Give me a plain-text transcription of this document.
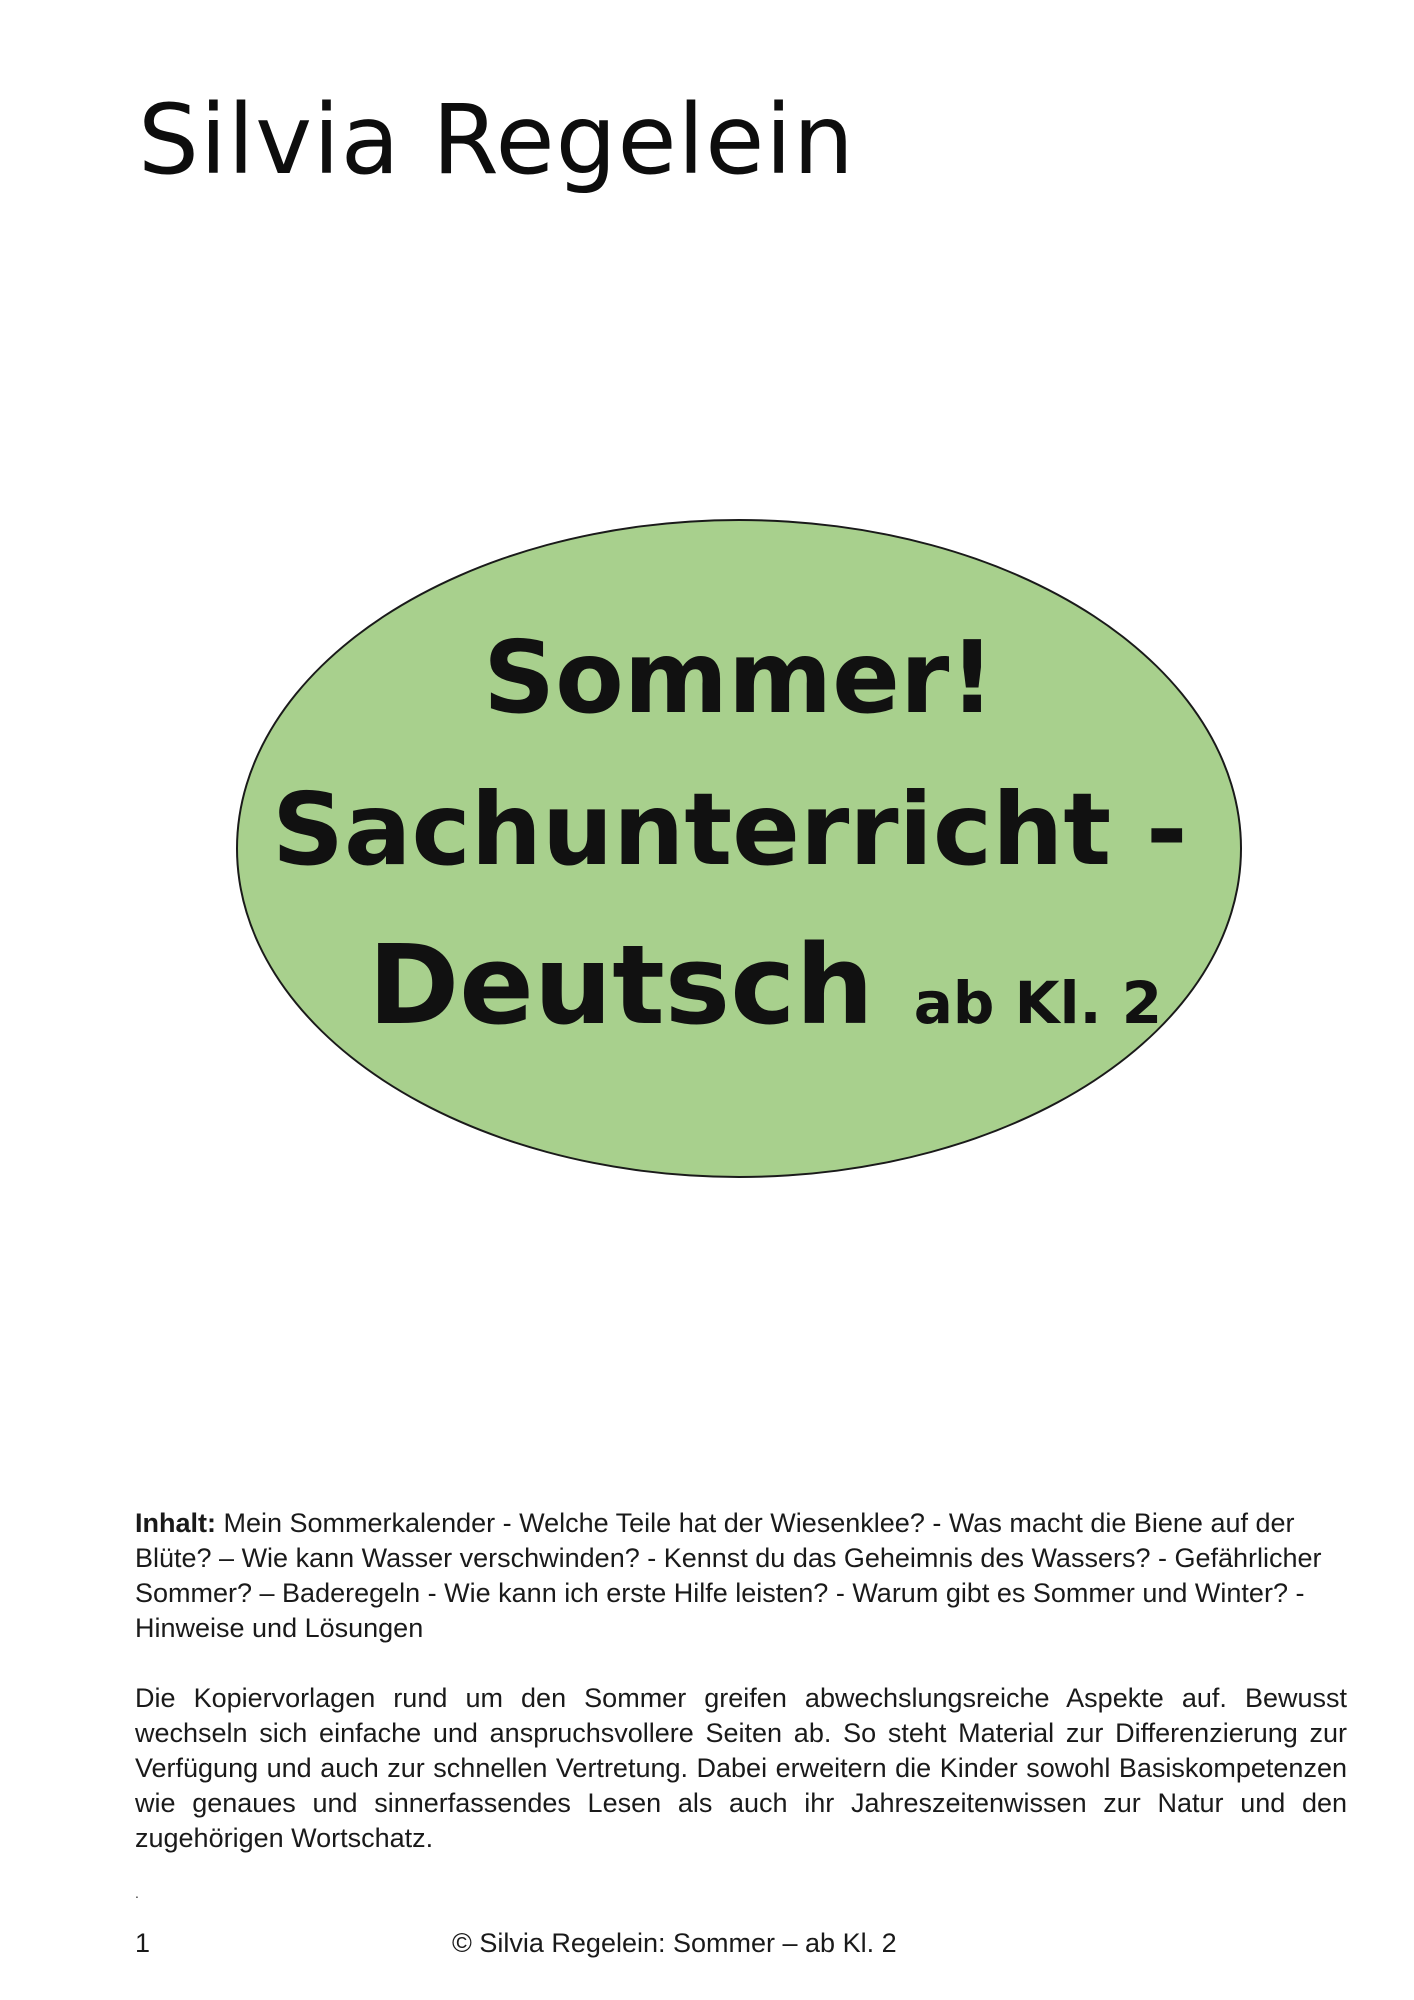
Silvia Regelein
Sommer!
Sachunterricht -
Deutsch ab Kl. 2

Inhalt: Mein Sommerkalender - Welche Teile hat der Wiesenklee? - Was macht die Biene auf der Blüte? – Wie kann Wasser verschwinden? - Kennst du das Geheimnis des Wassers? - Gefährlicher Sommer? – Baderegeln - Wie kann ich erste Hilfe leisten? - Warum gibt es Sommer und Winter? - Hinweise und Lösungen

Die Kopiervorlagen rund um den Sommer greifen abwechslungsreiche Aspekte auf. Bewusst wechseln sich einfache und anspruchsvollere Seiten ab. So steht Material zur Differenzierung zur Verfügung und auch zur schnellen Vertretung. Dabei erweitern die Kinder sowohl Basiskompetenzen wie genaues und sinnerfassendes Lesen als auch ihr Jahreszeitenwissen zur Natur und den zugehörigen Wortschatz.

.
1	© Silvia Regelein: Sommer – ab Kl. 2
